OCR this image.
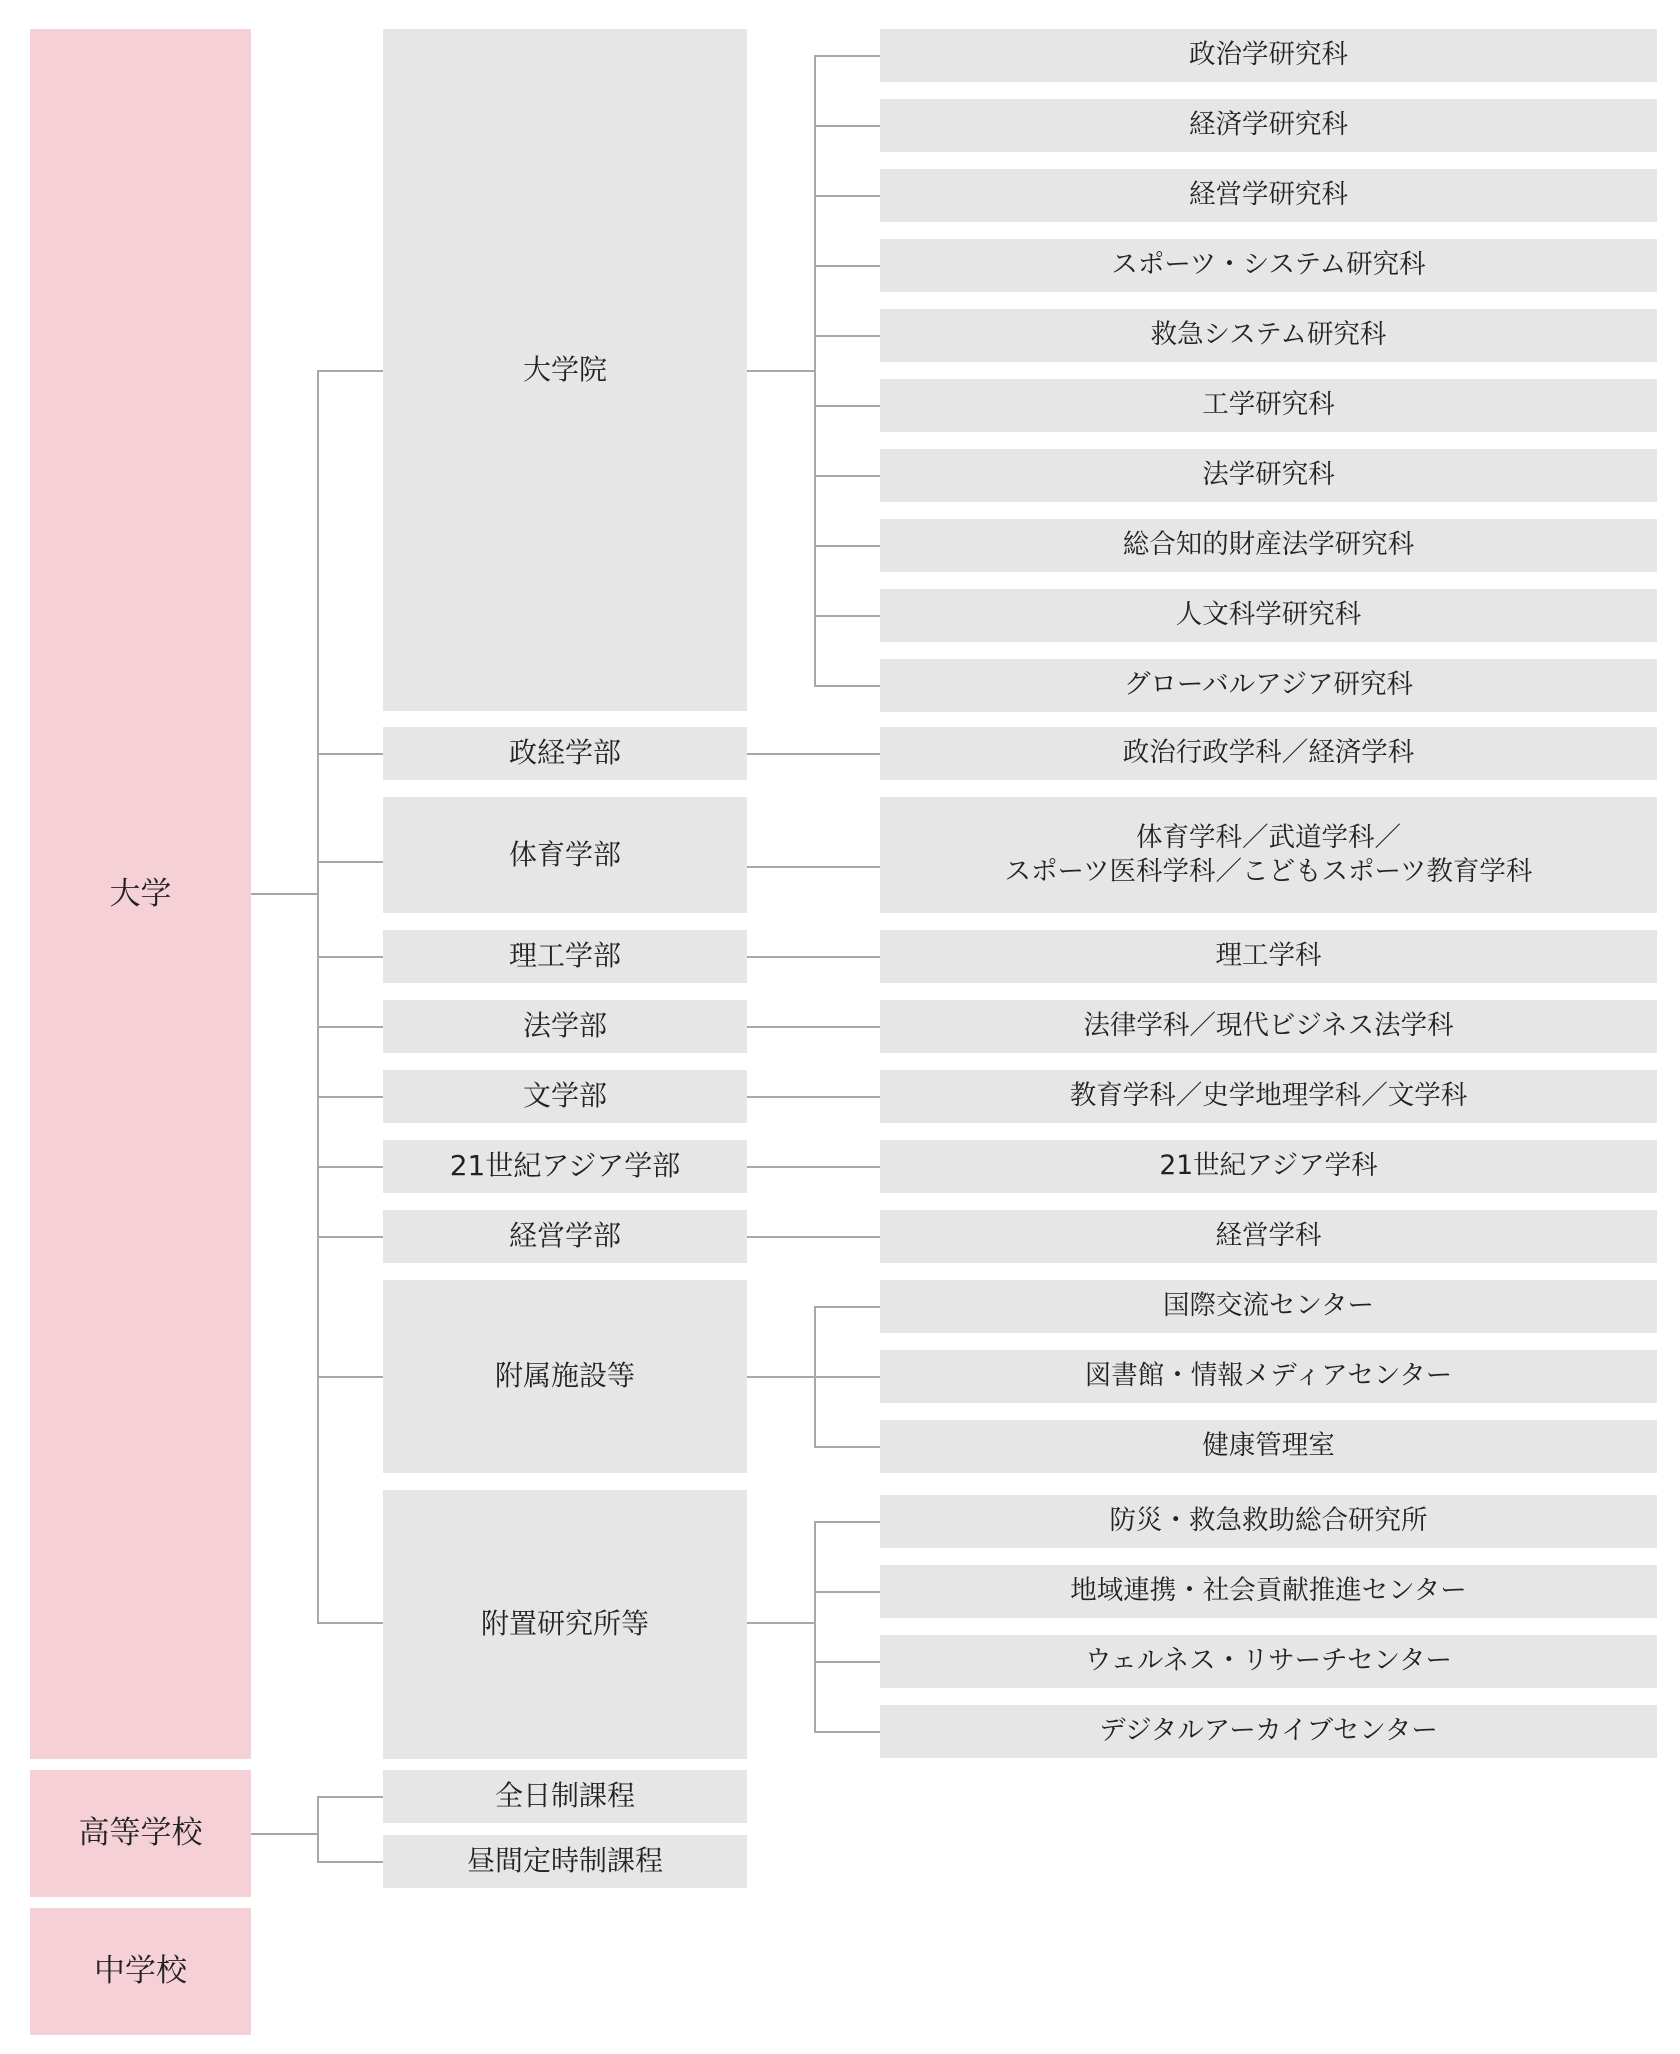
大学
高等学校
中学校
大学院
政経学部
体育学部
理工学部
法学部
文学部
21世紀アジア学部
経営学部
附属施設等
附置研究所等
全日制課程
昼間定時制課程
政治学研究科
経済学研究科
経営学研究科
スポーツ・システム研究科
救急システム研究科
工学研究科
法学研究科
総合知的財産法学研究科
人文科学研究科
グローバルアジア研究科
政治行政学科／経済学科
体育学科／武道学科／
スポーツ医科学科／こどもスポーツ教育学科
理工学科
法律学科／現代ビジネス法学科
教育学科／史学地理学科／文学科
21世紀アジア学科
経営学科
国際交流センター
図書館・情報メディアセンター
健康管理室
防災・救急救助総合研究所
地域連携・社会貢献推進センター
ウェルネス・リサーチセンター
デジタルアーカイブセンター
